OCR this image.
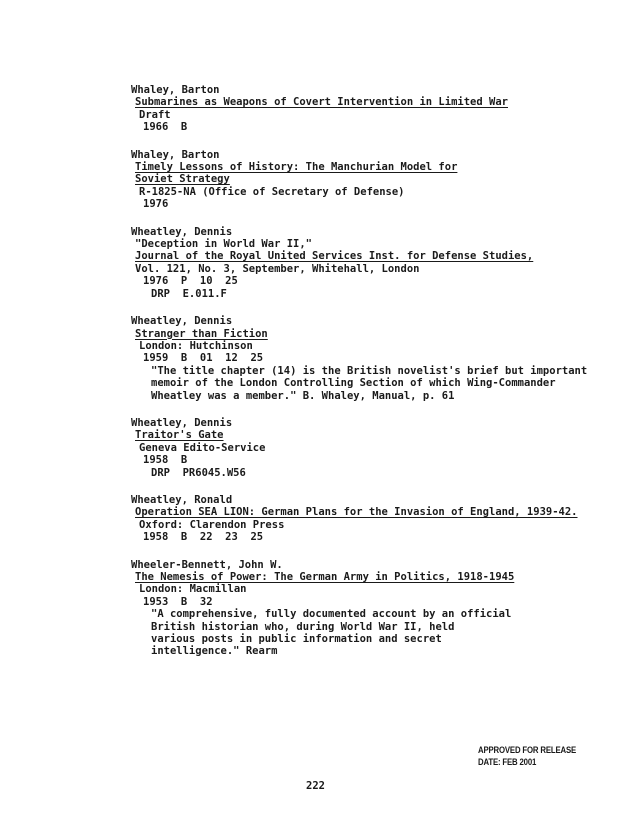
Whaley, Barton
Submarines as Weapons of Covert Intervention in Limited War
Draft
1966  B
Whaley, Barton
Timely Lessons of History: The Manchurian Model for
Soviet Strategy
R-1825-NA (Office of Secretary of Defense)
1976
Wheatley, Dennis
"Deception in World War II,"
Journal of the Royal United Services Inst. for Defense Studies,
Vol. 121, No. 3, September, Whitehall, London
1976  P  10  25
DRP  E.011.F
Wheatley, Dennis
Stranger than Fiction
London: Hutchinson
1959  B  01  12  25
"The title chapter (14) is the British novelist's brief but important
memoir of the London Controlling Section of which Wing-Commander
Wheatley was a member." B. Whaley, Manual, p. 61
Wheatley, Dennis
Traitor's Gate
Geneva Edito-Service
1958  B
DRP  PR6045.W56
Wheatley, Ronald
Operation SEA LION: German Plans for the Invasion of England, 1939-42.
Oxford: Clarendon Press
1958  B  22  23  25
Wheeler-Bennett, John W.
The Nemesis of Power: The German Army in Politics, 1918-1945
London: Macmillan
1953  B  32
"A comprehensive, fully documented account by an official
British historian who, during World War II, held
various posts in public information and secret
intelligence." Rearm
APPROVED FOR RELEASE
DATE: FEB 2001
222
